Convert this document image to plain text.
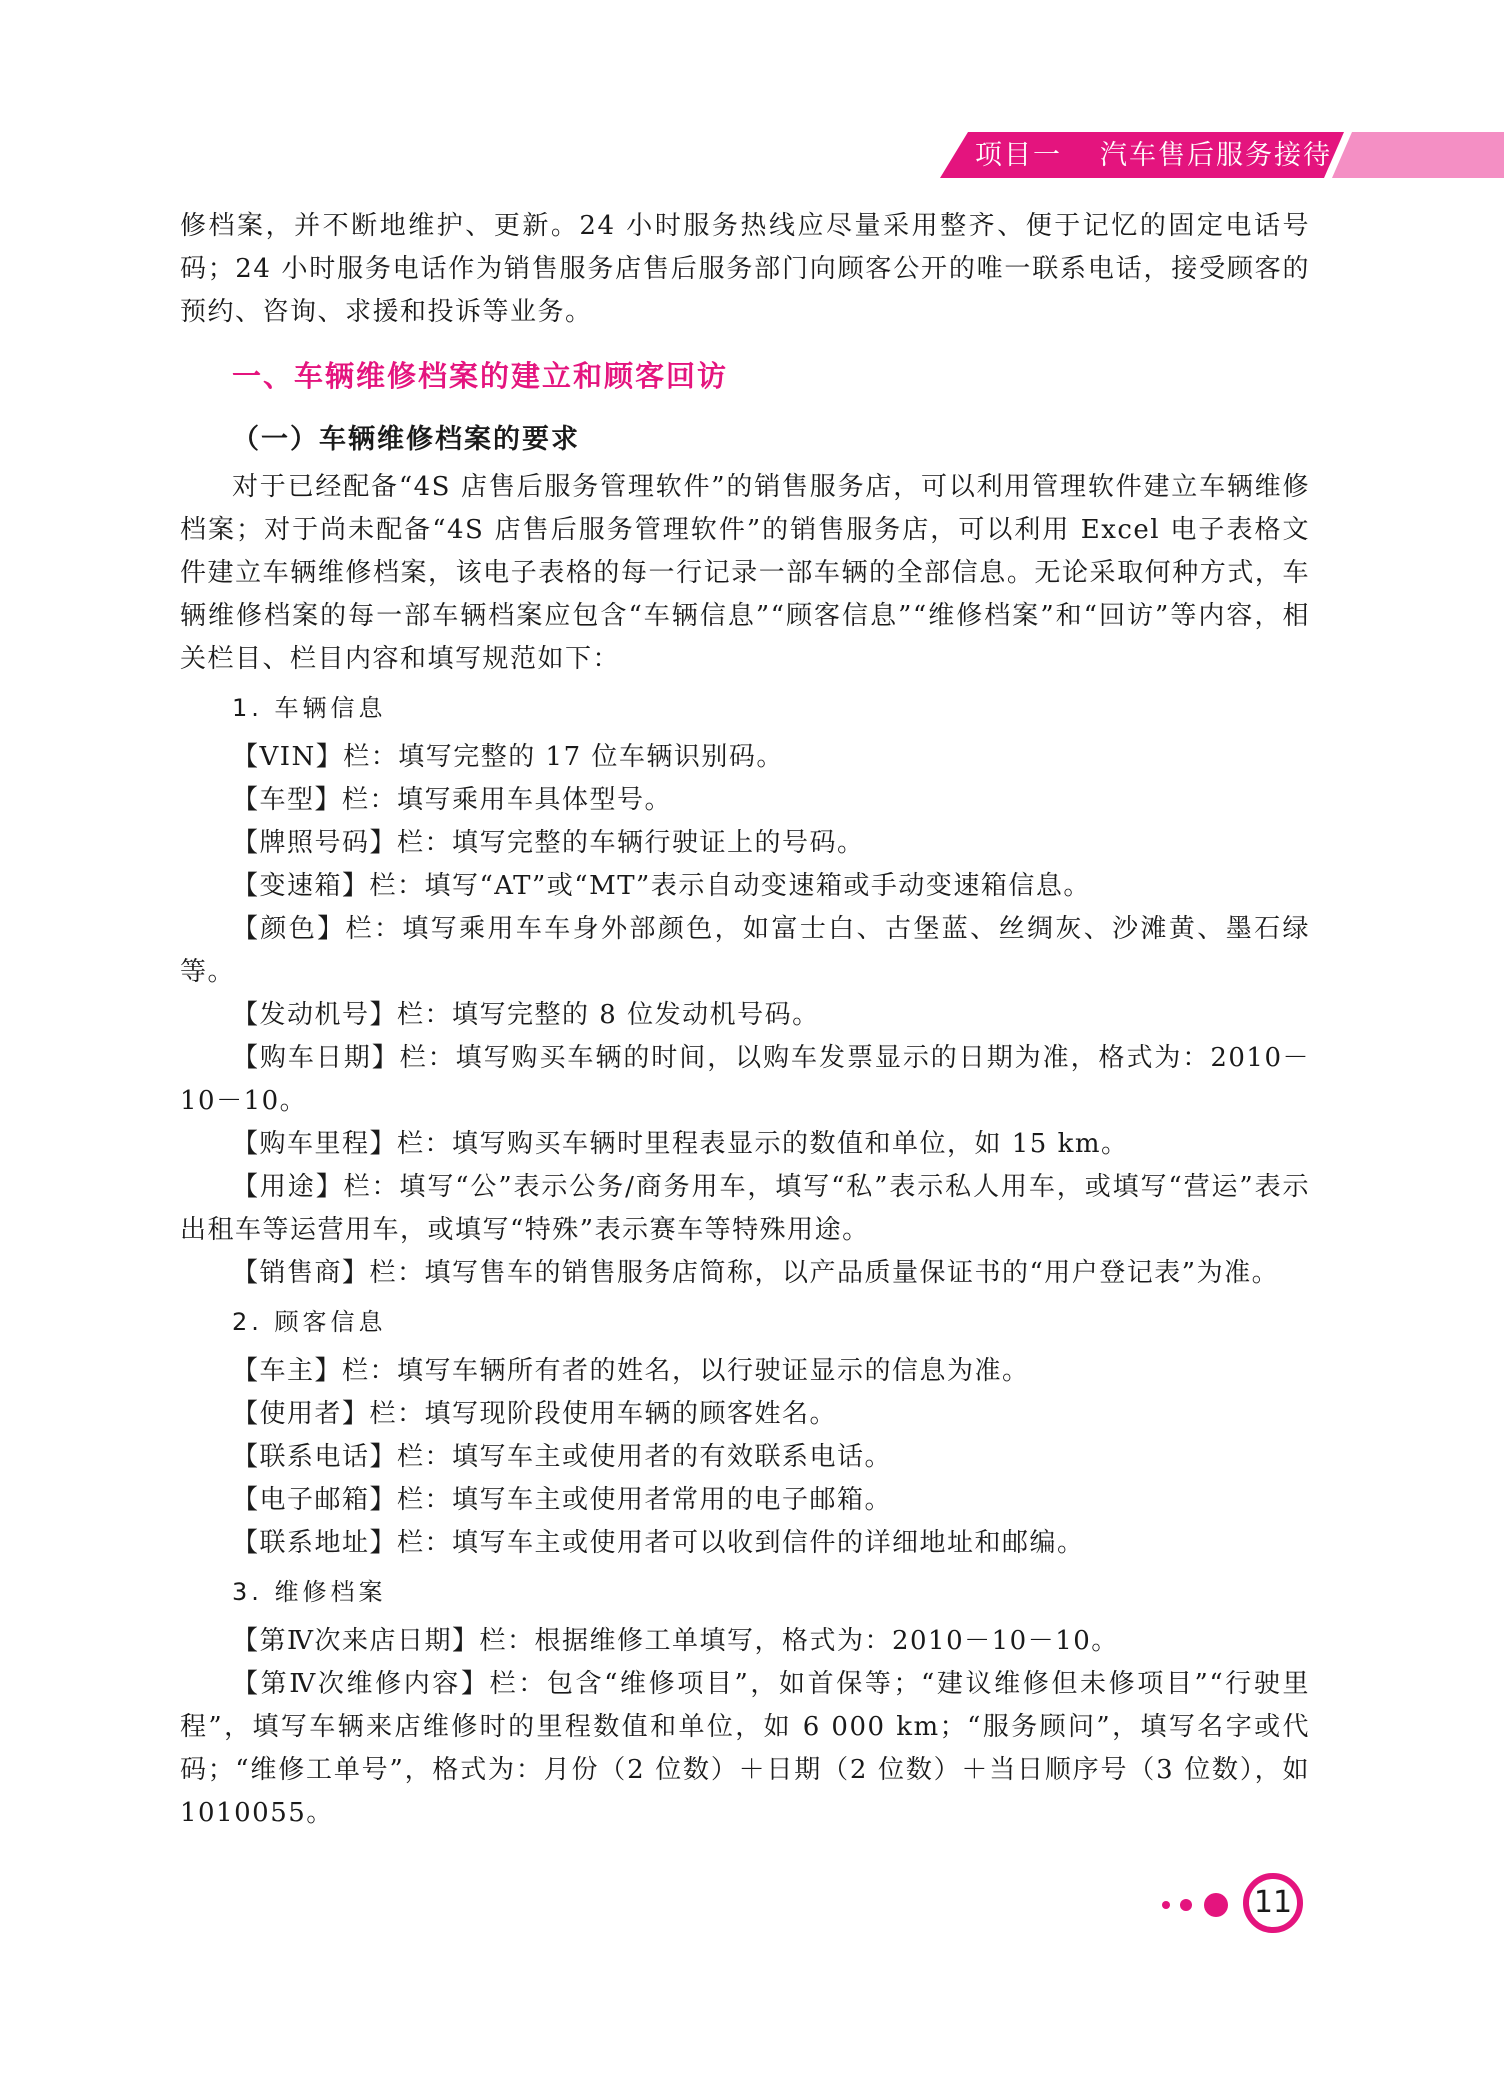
项目一 汽车售后服务接待

修档案，并不断地维护、更新。24 小时服务热线应尽量采用整齐、便于记忆的固定电话号码；24 小时服务电话作为销售服务店售后服务部门向顾客公开的唯一联系电话，接受顾客的预约、咨询、求援和投诉等业务。

一、车辆维修档案的建立和顾客回访
（一）车辆维修档案的要求

对于已经配备“4S 店售后服务管理软件”的销售服务店，可以利用管理软件建立车辆维修档案；对于尚未配备“4S 店售后服务管理软件”的销售服务店，可以利用 Excel 电子表格文件建立车辆维修档案，该电子表格的每一行记录一部车辆的全部信息。无论采取何种方式，车辆维修档案的每一部车辆档案应包含“车辆信息”“顾客信息”“维修档案”和“回访”等内容，相关栏目、栏目内容和填写规范如下：

1. 车辆信息

【VIN】栏：填写完整的 17 位车辆识别码。

【车型】栏：填写乘用车具体型号。

【牌照号码】栏：填写完整的车辆行驶证上的号码。

【变速箱】栏：填写“AT”或“MT”表示自动变速箱或手动变速箱信息。

【颜色】栏：填写乘用车车身外部颜色，如富士白、古堡蓝、丝绸灰、沙滩黄、墨石绿等。

【发动机号】栏：填写完整的 8 位发动机号码。

【购车日期】栏：填写购买车辆的时间，以购车发票显示的日期为准，格式为：2010－10－10。

【购车里程】栏：填写购买车辆时里程表显示的数值和单位，如 15 km。

【用途】栏：填写“公”表示公务/商务用车，填写“私”表示私人用车，或填写“营运”表示出租车等运营用车，或填写“特殊”表示赛车等特殊用途。

【销售商】栏：填写售车的销售服务店简称，以产品质量保证书的“用户登记表”为准。

2. 顾客信息

【车主】栏：填写车辆所有者的姓名，以行驶证显示的信息为准。

【使用者】栏：填写现阶段使用车辆的顾客姓名。

【联系电话】栏：填写车主或使用者的有效联系电话。

【电子邮箱】栏：填写车主或使用者常用的电子邮箱。

【联系地址】栏：填写车主或使用者可以收到信件的详细地址和邮编。

3. 维修档案

【第Ⅳ次来店日期】栏：根据维修工单填写，格式为：2010－10－10。

【第Ⅳ次维修内容】栏：包含“维修项目”，如首保等；“建议维修但未修项目”“行驶里程”，填写车辆来店维修时的里程数值和单位，如 6 000 km；“服务顾问”，填写名字或代码；“维修工单号”，格式为：月份（2 位数）＋日期（2 位数）＋当日顺序号（3 位数），如 1010055。

11
